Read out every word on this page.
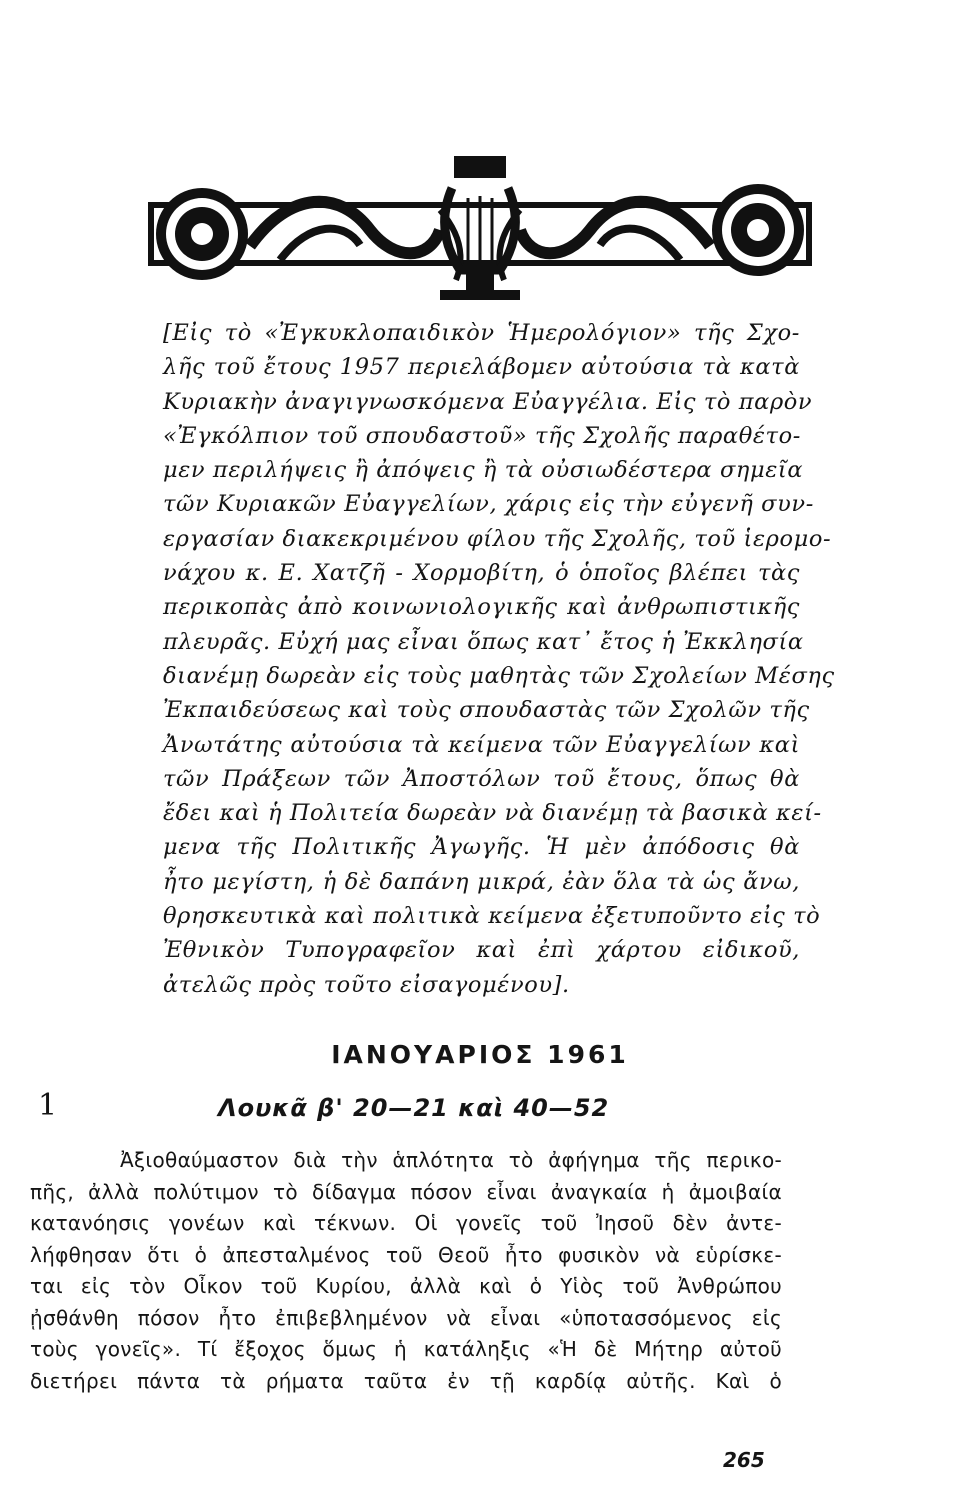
[Εἰς τὸ «Ἐγκυκλοπαιδικὸν Ἡμερολόγιον» τῆς Σχο-
λῆς τοῦ ἔτους 1957 περιελάβομεν αὐτούσια τὰ κατὰ
Κυριακὴν ἀναγιγνωσκόμενα Εὐαγγέλια. Εἰς τὸ παρὸν
«Ἐγκόλπιον τοῦ σπουδαστοῦ» τῆς Σχολῆς παραθέτο-
μεν περιλήψεις ἢ ἀπόψεις ἢ τὰ οὐσιωδέστερα σημεῖα
τῶν Κυριακῶν Εὐαγγελίων, χάρις εἰς τὴν εὐγενῆ συν-
εργασίαν διακεκριμένου φίλου τῆς Σχολῆς, τοῦ ἱερομο-
νάχου κ. Ε. Χατζῆ - Χορμοβίτη, ὁ ὁποῖος βλέπει τὰς
περικοπὰς ἀπὸ κοινωνιολογικῆς καὶ ἀνθρωπιστικῆς
πλευρᾶς. Εὐχή μας εἶναι ὅπως κατ᾿ ἔτος ἡ Ἐκκλησία
διανέμῃ δωρεὰν εἰς τοὺς μαθητὰς τῶν Σχολείων Μέσης
Ἐκπαιδεύσεως καὶ τοὺς σπουδαστὰς τῶν Σχολῶν τῆς
Ἀνωτάτης αὐτούσια τὰ κείμενα τῶν Εὐαγγελίων καὶ
τῶν Πράξεων τῶν Ἀποστόλων τοῦ ἔτους, ὅπως θὰ
ἔδει καὶ ἡ Πολιτεία δωρεὰν νὰ διανέμῃ τὰ βασικὰ κεί-
μενα τῆς Πολιτικῆς Ἀγωγῆς. Ἡ μὲν ἀπόδοσις θὰ
ἦτο μεγίστη, ἡ δὲ δαπάνη μικρά, ἐὰν ὅλα τὰ ὡς ἄνω,
θρησκευτικὰ καὶ πολιτικὰ κείμενα ἐξετυποῦντο εἰς τὸ
Ἐθνικὸν Τυπογραφεῖον καὶ ἐπὶ χάρτου εἰδικοῦ,
ἀτελῶς πρὸς τοῦτο εἰσαγομένου].
ΙΑΝΟΥΑΡΙΟΣ 1961
1	Λουκᾶ β' 20—21 καὶ 40—52
Ἀξιοθαύμαστον διὰ τὴν ἁπλότητα τὸ ἀφήγημα τῆς περικο-
πῆς, ἀλλὰ πολύτιμον τὸ δίδαγμα πόσον εἶναι ἀναγκαία ἡ ἀμοιβαία
κατανόησις γονέων καὶ τέκνων. Οἱ γονεῖς τοῦ Ἰησοῦ δὲν ἀντε-
λήφθησαν ὅτι ὁ ἀπεσταλμένος τοῦ Θεοῦ ἦτο φυσικὸν νὰ εὑρίσκε-
ται εἰς τὸν Οἶκον τοῦ Κυρίου, ἀλλὰ καὶ ὁ Υἱὸς τοῦ Ἀνθρώπου
ᾐσθάνθη πόσον ἦτο ἐπιβεβλημένον νὰ εἶναι «ὑποτασσόμενος εἰς
τοὺς γονεῖς». Τί ἔξοχος ὅμως ἡ κατάληξις «Ἡ δὲ Μήτηρ αὐτοῦ
διετήρει πάντα τὰ ρήματα ταῦτα ἐν τῇ καρδίᾳ αὐτῆς. Καὶ ὁ
265
